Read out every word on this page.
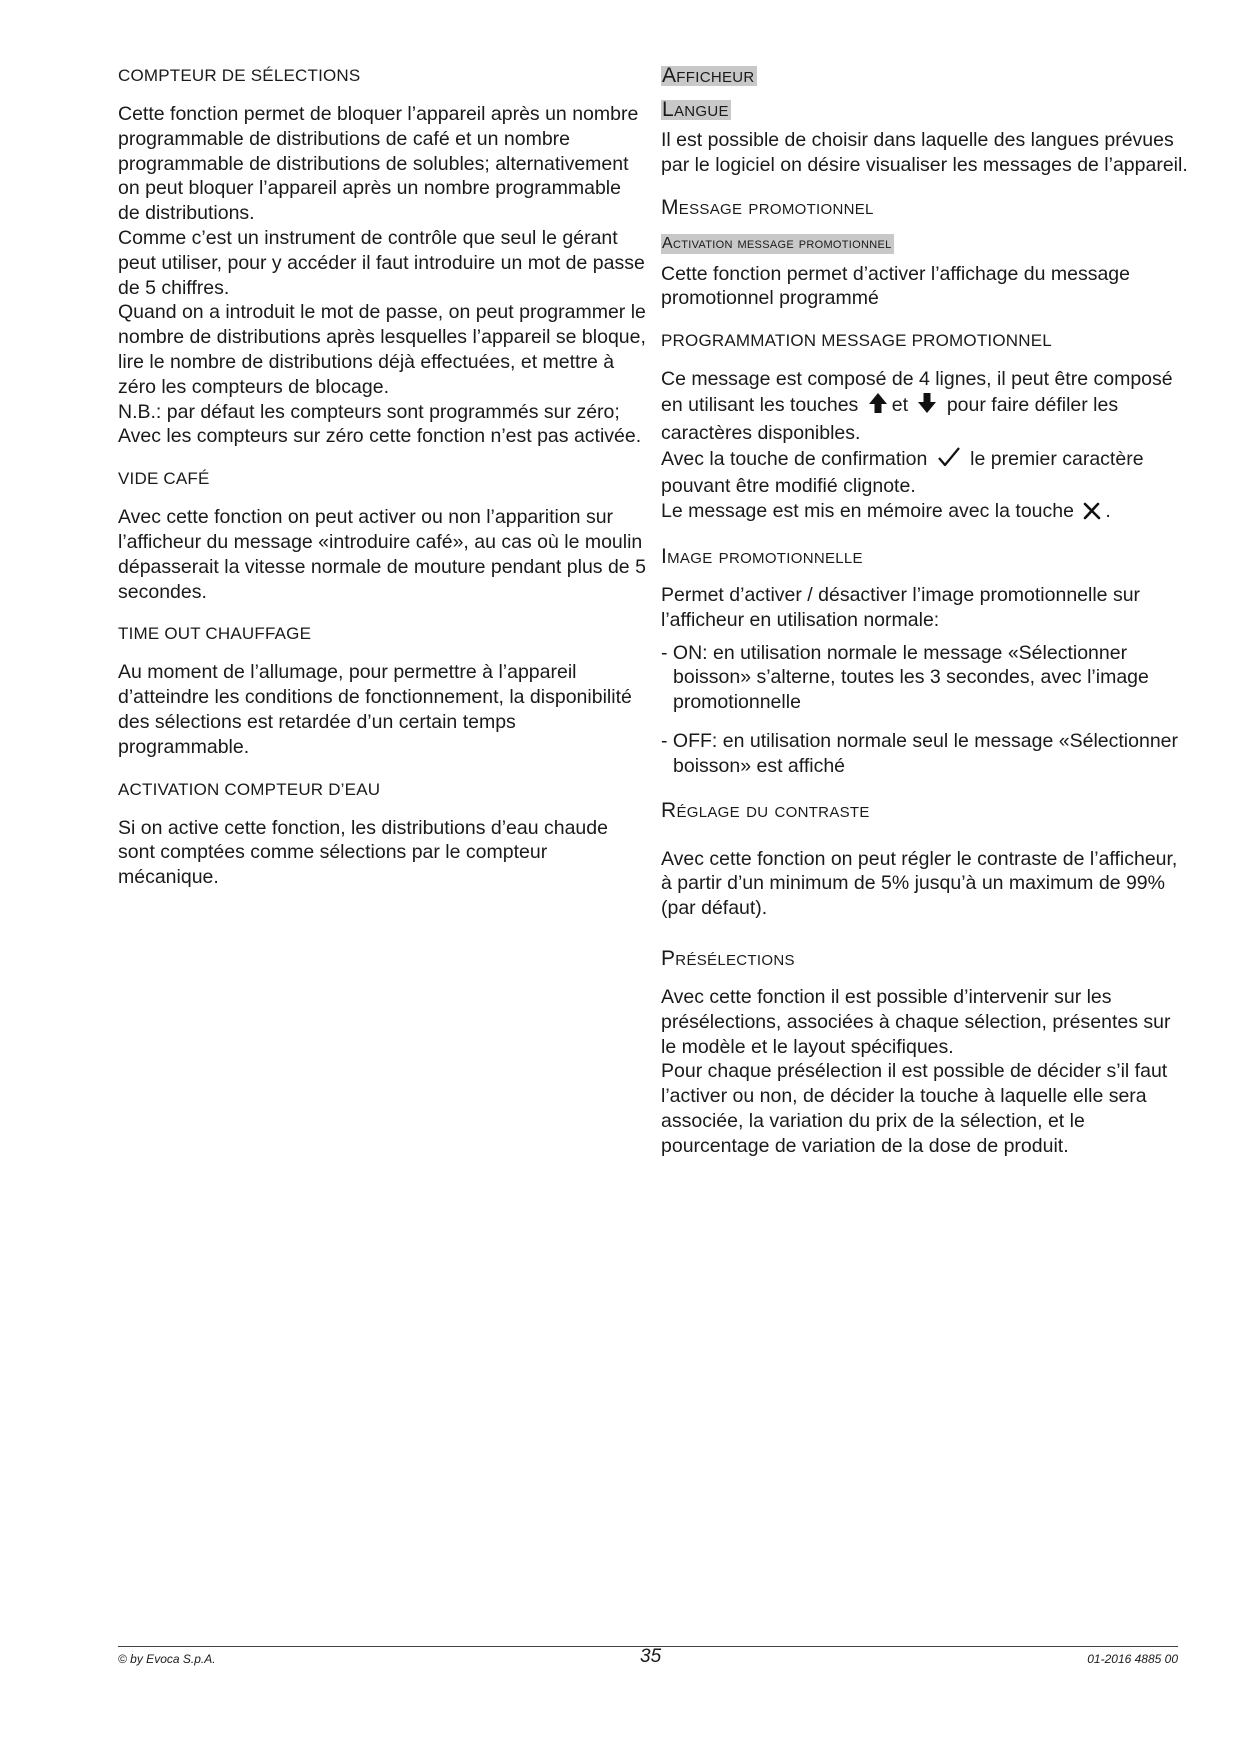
COMPTEUR DE SÉLECTIONS

Cette fonction permet de bloquer l’appareil après un nombre programmable de distributions de café et un nombre programmable de distributions de solubles; alternativement on peut bloquer l’appareil après un nombre programmable de distributions.
Comme c’est un instrument de contrôle que seul le gérant peut utiliser, pour y accéder il faut introduire un mot de passe de 5 chiffres.
Quand on a introduit le mot de passe, on peut programmer le nombre de distributions après lesquelles l’appareil se bloque, lire le nombre de distributions déjà effectuées, et mettre à zéro les compteurs de blocage.
N.B.: par défaut les compteurs sont programmés sur zéro;
Avec les compteurs sur zéro cette fonction n’est pas activée.

VIDE CAFÉ

Avec cette fonction on peut activer ou non l’apparition sur l’afficheur du message «introduire café», au cas où le moulin dépasserait la vitesse normale de mouture pendant plus de 5 secondes.

TIME OUT CHAUFFAGE

Au moment de l’allumage, pour permettre à l’appareil d’atteindre les conditions de fonctionnement, la disponibilité des sélections est retardée d’un certain temps programmable.

ACTIVATION COMPTEUR D’EAU

Si on active cette fonction, les distributions d’eau chaude sont comptées comme sélections par le compteur mécanique.

Afficheur
Langue

Il est possible de choisir dans laquelle des langues prévues par le logiciel on désire visualiser les messages de l’appareil.

Message promotionnel
Activation message promotionnel

Cette fonction permet d’activer l’affichage du message promotionnel programmé

PROGRAMMATION MESSAGE PROMOTIONNEL

Ce message est composé de 4 lignes, il peut être composé en utilisant les touches et pour faire défiler les caractères disponibles.
Avec la touche de confirmation le premier caractère pouvant être modifié clignote.
Le message est mis en mémoire avec la touche .

Image promotionnelle

Permet d’activer / désactiver l’image promotionnelle sur l’afficheur en utilisation normale:

- ON: en utilisation normale le message «Sélectionner boisson» s’alterne, toutes les 3 secondes, avec l’image promotionnelle
- OFF: en utilisation normale seul le message «Sélectionner boisson» est affiché
Réglage du contraste

Avec cette fonction on peut régler le contraste de l’afficheur, à partir d’un minimum de 5% jusqu’à un maximum de 99% (par défaut).

Présélections

Avec cette fonction il est possible d’intervenir sur les présélections, associées à chaque sélection, présentes sur le modèle et le layout spécifiques.
Pour chaque présélection il est possible de décider s’il faut l’activer ou non, de décider la touche à laquelle elle sera associée, la variation du prix de la sélection, et le pourcentage de variation de la dose de produit.

© by Evoca S.p.A.	35	01-2016 4885 00
